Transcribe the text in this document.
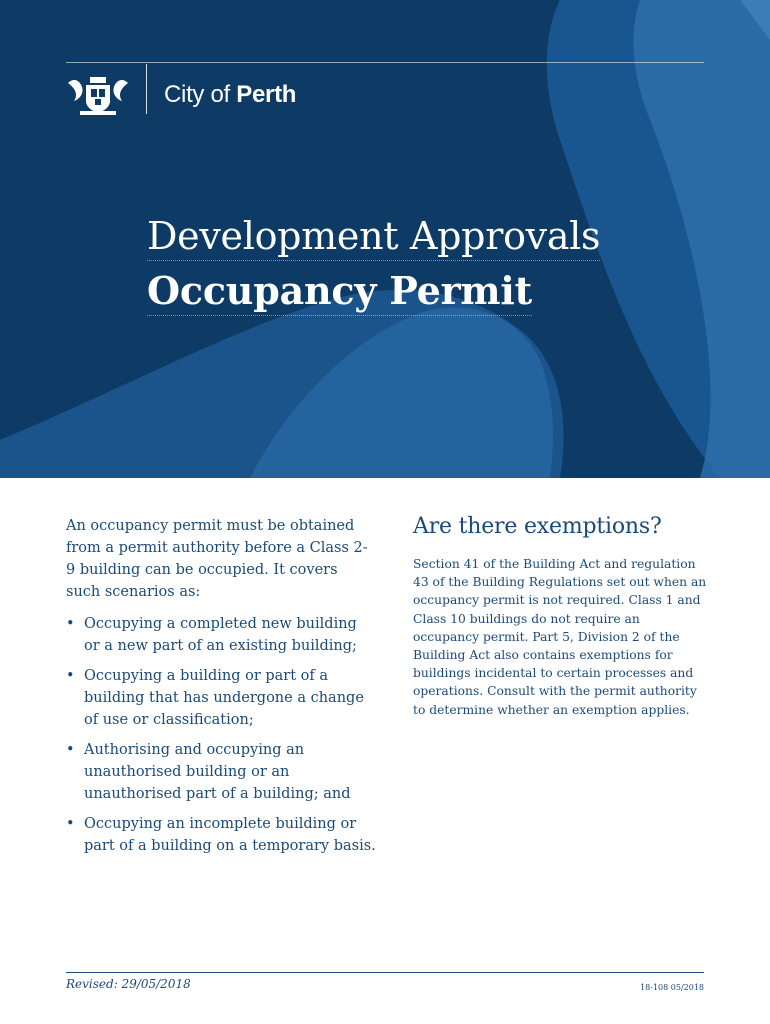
City of Perth
Development Approvals
Occupancy Permit

An occupancy permit must be obtained from a permit authority before a Class 2-9 building can be occupied. It covers such scenarios as:

• Occupying a completed new building or a new part of an existing building;
• Occupying a building or part of a building that has undergone a change of use or classification;
• Authorising and occupying an unauthorised building or an unauthorised part of a building; and
• Occupying an incomplete building or part of a building on a temporary basis.
Are there exemptions?

Section 41 of the Building Act and regulation 43 of the Building Regulations set out when an occupancy permit is not required. Class 1 and Class 10 buildings do not require an occupancy permit. Part 5, Division 2 of the Building Act also contains exemptions for buildings incidental to certain processes and operations. Consult with the permit authority to determine whether an exemption applies.

Revised: 29/05/2018	18-108 05/2018
